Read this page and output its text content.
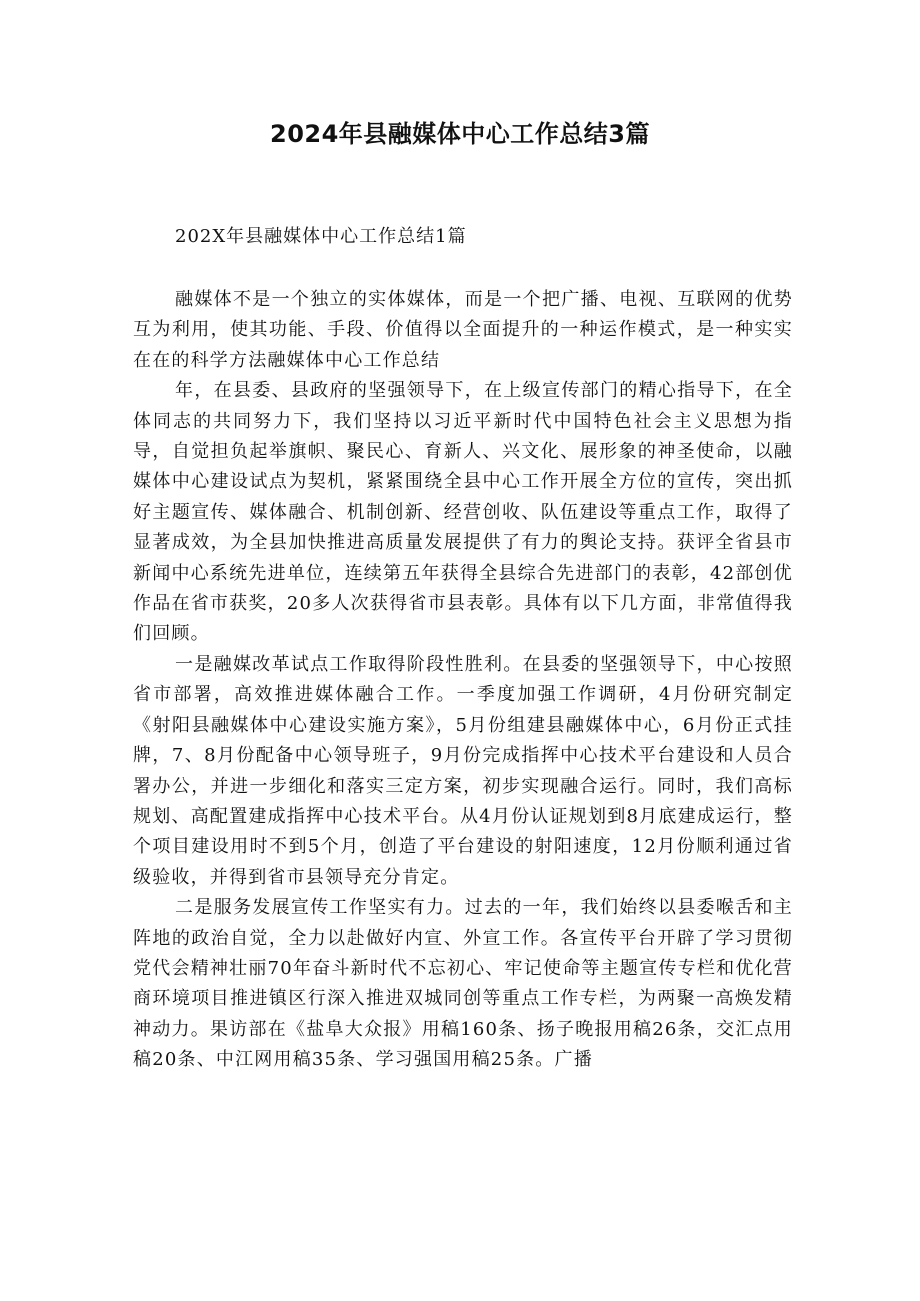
2024年县融媒体中心工作总结3篇

202X年县融媒体中心工作总结1篇

融媒体不是一个独立的实体媒体，而是一个把广播、电视、互联网的优势互为利用，使其功能、手段、价值得以全面提升的一种运作模式，是一种实实在在的科学方法融媒体中心工作总结

年，在县委、县政府的坚强领导下，在上级宣传部门的精心指导下，在全体同志的共同努力下，我们坚持以习近平新时代中国特色社会主义思想为指导，自觉担负起举旗帜、聚民心、育新人、兴文化、展形象的神圣使命，以融媒体中心建设试点为契机，紧紧围绕全县中心工作开展全方位的宣传，突出抓好主题宣传、媒体融合、机制创新、经营创收、队伍建设等重点工作，取得了显著成效，为全县加快推进高质量发展提供了有力的舆论支持。获评全省县市新闻中心系统先进单位，连续第五年获得全县综合先进部门的表彰，42部创优作品在省市获奖，20多人次获得省市县表彰。具体有以下几方面，非常值得我们回顾。

一是融媒改革试点工作取得阶段性胜利。在县委的坚强领导下，中心按照省市部署，高效推进媒体融合工作。一季度加强工作调研，4月份研究制定《射阳县融媒体中心建设实施方案》，5月份组建县融媒体中心，6月份正式挂牌，7、8月份配备中心领导班子，9月份完成指挥中心技术平台建设和人员合署办公，并进一步细化和落实三定方案，初步实现融合运行。同时，我们高标规划、高配置建成指挥中心技术平台。从4月份认证规划到8月底建成运行，整个项目建设用时不到5个月，创造了平台建设的射阳速度，12月份顺利通过省级验收，并得到省市县领导充分肯定。

二是服务发展宣传工作坚实有力。过去的一年，我们始终以县委喉舌和主阵地的政治自觉，全力以赴做好内宣、外宣工作。各宣传平台开辟了学习贯彻党代会精神壮丽70年奋斗新时代不忘初心、牢记使命等主题宣传专栏和优化营商环境项目推进镇区行深入推进双城同创等重点工作专栏，为两聚一高焕发精神动力。果访部在《盐阜大众报》用稿160条、扬子晚报用稿26条，交汇点用稿20条、中江网用稿35条、学习强国用稿25条。广播
